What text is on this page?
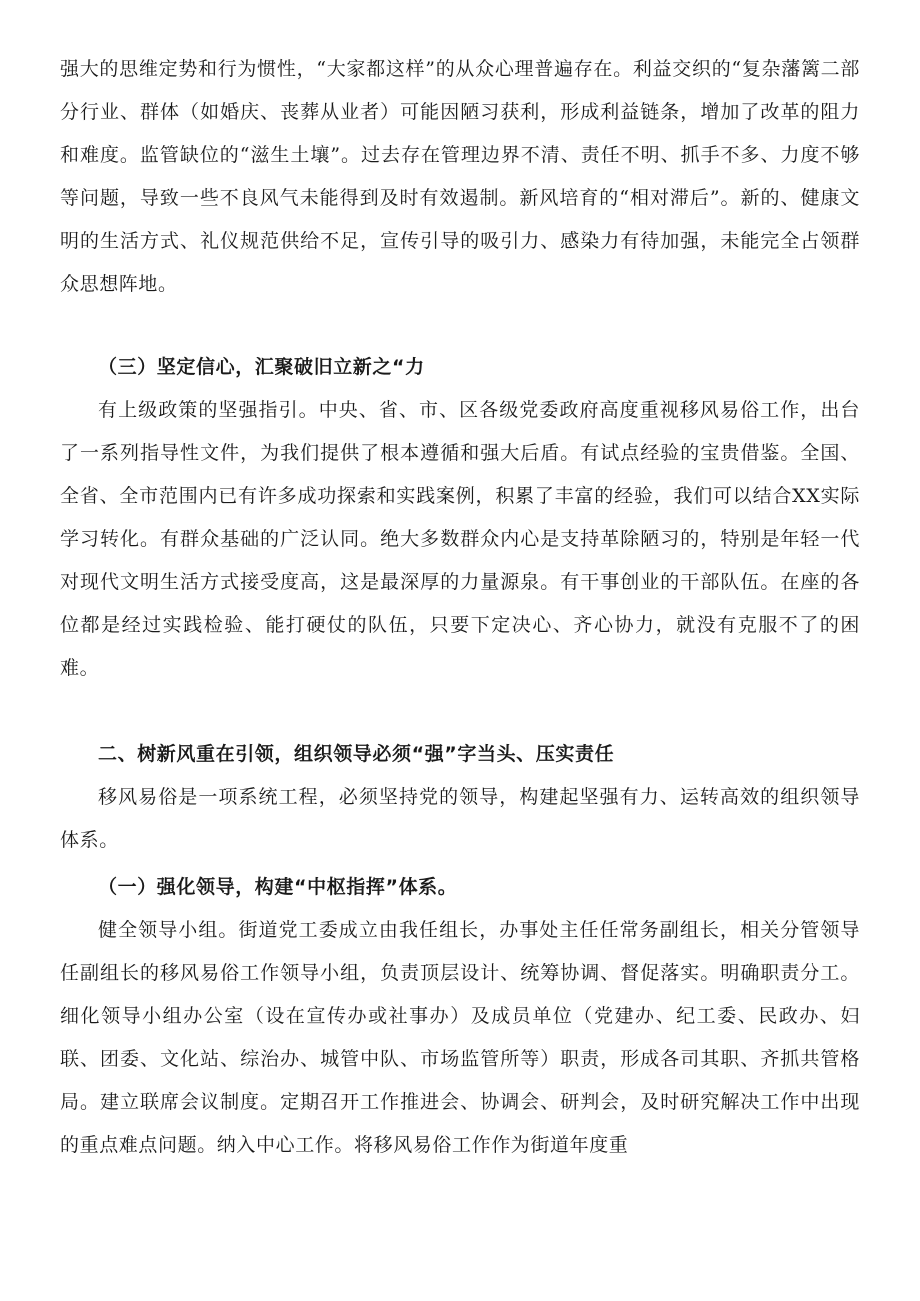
强大的思维定势和行为惯性，“大家都这样”的从众心理普遍存在。利益交织的“复杂藩篱二部分行业、群体（如婚庆、丧葬从业者）可能因陋习获利，形成利益链条，增加了改革的阻力和难度。监管缺位的“滋生土壤”。过去存在管理边界不清、责任不明、抓手不多、力度不够等问题，导致一些不良风气未能得到及时有效遏制。新风培育的“相对滞后”。新的、健康文明的生活方式、礼仪规范供给不足，宣传引导的吸引力、感染力有待加强，未能完全占领群众思想阵地。

（三）坚定信心，汇聚破旧立新之“力

有上级政策的坚强指引。中央、省、市、区各级党委政府高度重视移风易俗工作，出台了一系列指导性文件，为我们提供了根本遵循和强大后盾。有试点经验的宝贵借鉴。全国、全省、全市范围内已有许多成功探索和实践案例，积累了丰富的经验，我们可以结合XX实际学习转化。有群众基础的广泛认同。绝大多数群众内心是支持革除陋习的，特别是年轻一代对现代文明生活方式接受度高，这是最深厚的力量源泉。有干事创业的干部队伍。在座的各位都是经过实践检验、能打硬仗的队伍，只要下定决心、齐心协力，就没有克服不了的困难。

二、树新风重在引领，组织领导必须“强”字当头、压实责任

移风易俗是一项系统工程，必须坚持党的领导，构建起坚强有力、运转高效的组织领导体系。

（一）强化领导，构建“中枢指挥”体系。

健全领导小组。街道党工委成立由我任组长，办事处主任任常务副组长，相关分管领导任副组长的移风易俗工作领导小组，负责顶层设计、统筹协调、督促落实。明确职责分工。细化领导小组办公室（设在宣传办或社事办）及成员单位（党建办、纪工委、民政办、妇联、团委、文化站、综治办、城管中队、市场监管所等）职责，形成各司其职、齐抓共管格局。建立联席会议制度。定期召开工作推进会、协调会、研判会，及时研究解决工作中出现的重点难点问题。纳入中心工作。将移风易俗工作作为街道年度重
